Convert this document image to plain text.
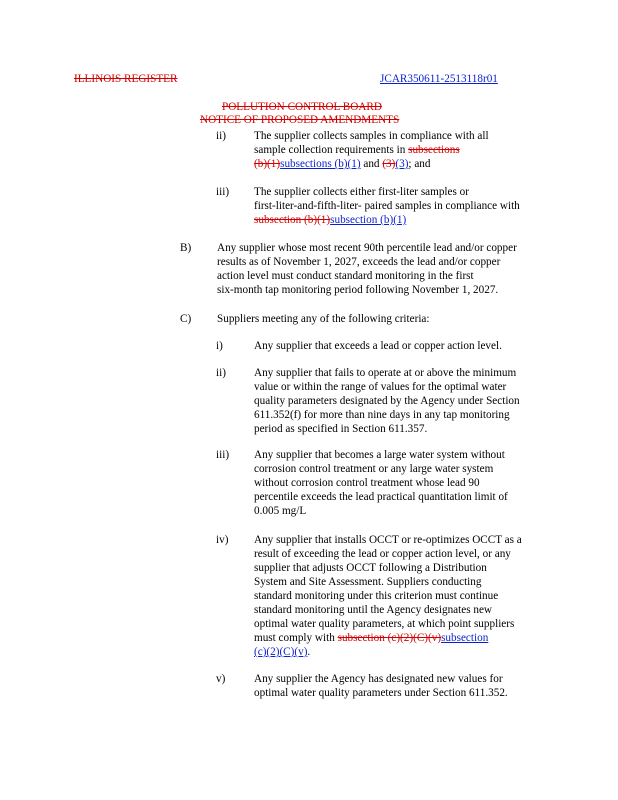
ILLINOIS REGISTER	JCAR350611-2513118r01
POLLUTION CONTROL BOARD
NOTICE OF PROPOSED AMENDMENTS
ii)	The supplier collects samples in compliance with all
sample collection requirements in subsections
(b)(1)subsections (b)(1) and (3)(3); and
iii) The supplier collects either first-liter samples or
first-liter-and-fifth-liter- paired samples in compliance with
subsection (b)(1)subsection (b)(1)
B) Any supplier whose most recent 90th percentile lead and/or copper
results as of November 1, 2027, exceeds the lead and/or copper
action level must conduct standard monitoring in the first
six-month tap monitoring period following November 1, 2027.
C) Suppliers meeting any of the following criteria:
i)	Any supplier that exceeds a lead or copper action level.
ii)	Any supplier that fails to operate at or above the minimum
value or within the range of values for the optimal water
quality parameters designated by the Agency under Section
611.352(f) for more than nine days in any tap monitoring
period as specified in Section 611.357.
iii) Any supplier that becomes a large water system without
corrosion control treatment or any large water system
without corrosion control treatment whose lead 90
percentile exceeds the lead practical quantitation limit of
0.005 mg/L
iv) Any supplier that installs OCCT or re-optimizes OCCT as a
result of exceeding the lead or copper action level, or any
supplier that adjusts OCCT following a Distribution
System and Site Assessment. Suppliers conducting
standard monitoring under this criterion must continue
standard monitoring until the Agency designates new
optimal water quality parameters, at which point suppliers
must comply with subsection (c)(2)(C)(v)subsection
(c)(2)(C)(v).
v)	Any supplier the Agency has designated new values for
optimal water quality parameters under Section 611.352.
